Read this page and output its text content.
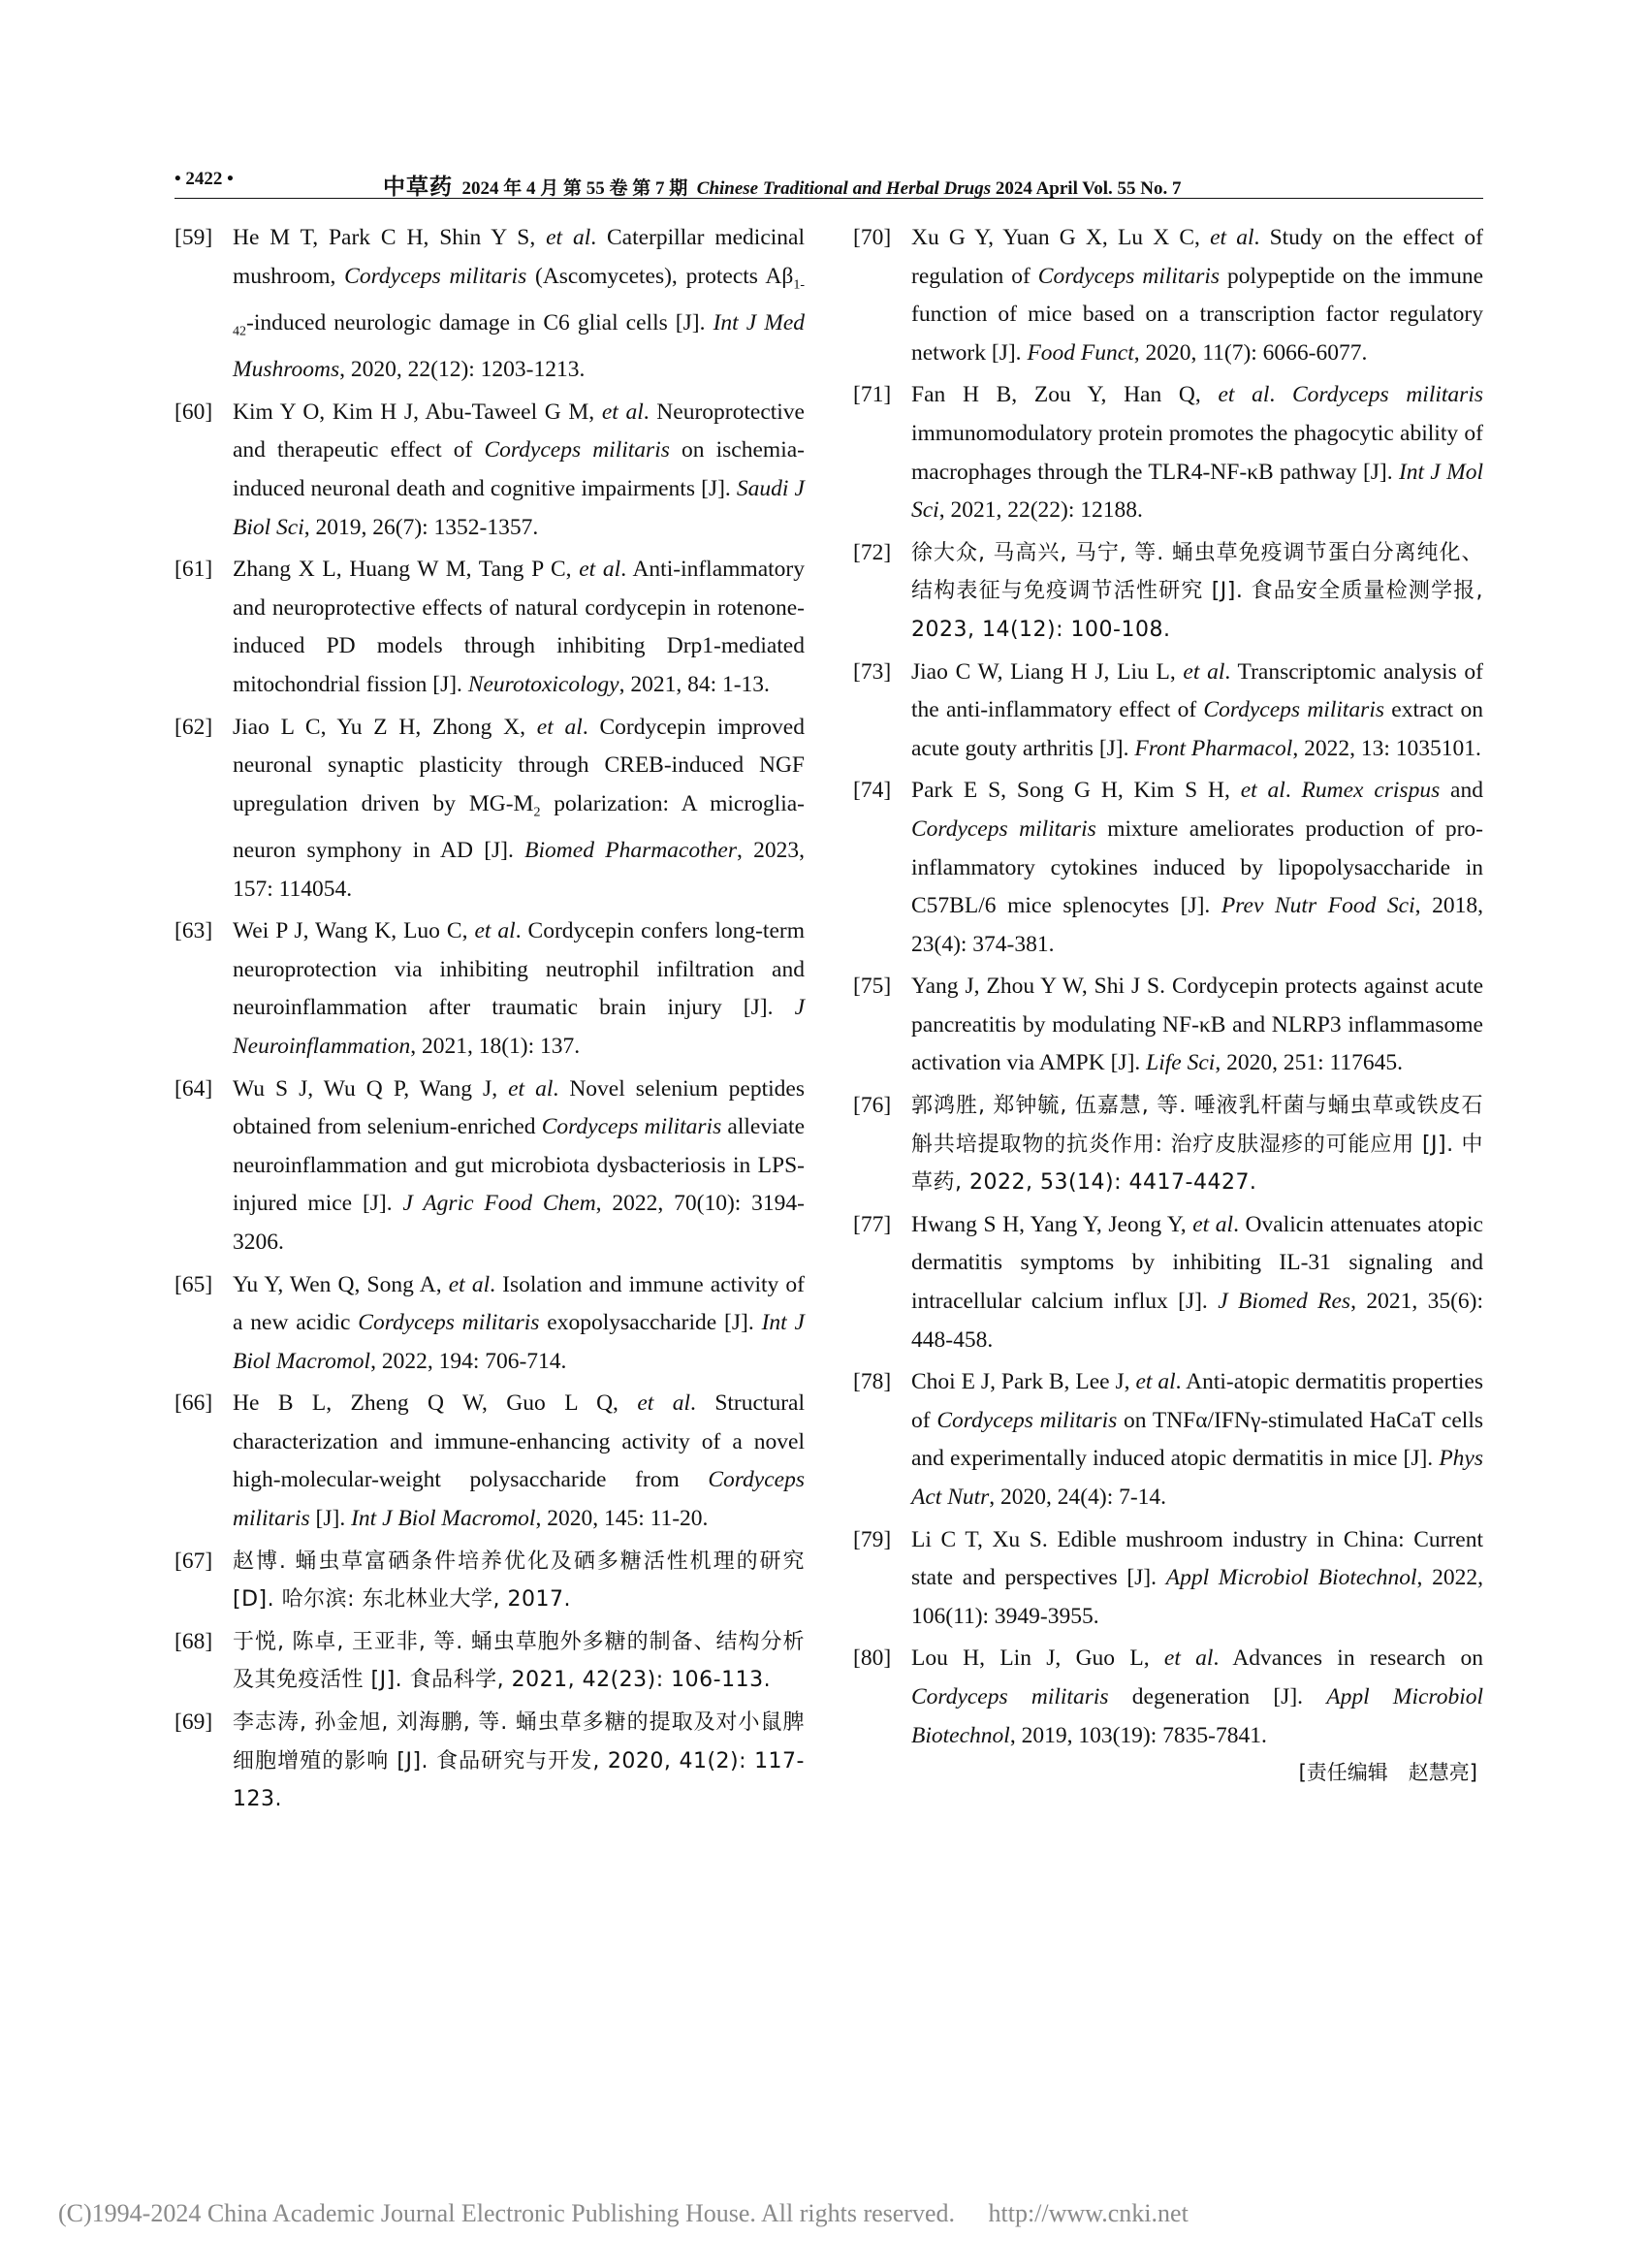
• 2422 •	中草药 2024 年 4 月 第 55 卷 第 7 期 Chinese Traditional and Herbal Drugs 2024 April Vol. 55 No. 7
[59] He M T, Park C H, Shin Y S, et al. Caterpillar medicinal mushroom, Cordyceps militaris (Ascomycetes), protects $A\beta_{1-42}$-induced neurologic damage in C6 glial cells [J]. Int J Med Mushrooms, 2020, 22(12): 1203-1213.
[60] Kim Y O, Kim H J, Abu-Taweel G M, et al. Neuroprotective and therapeutic effect of Cordyceps militaris on ischemia-induced neuronal death and cognitive impairments [J]. Saudi J Biol Sci, 2019, 26(7): 1352-1357.
[61] Zhang X L, Huang W M, Tang P C, et al. Anti-inflammatory and neuroprotective effects of natural cordycepin in rotenone-induced PD models through inhibiting Drp1-mediated mitochondrial fission [J]. Neurotoxicology, 2021, 84: 1-13.
[62] Jiao L C, Yu Z H, Zhong X, et al. Cordycepin improved neuronal synaptic plasticity through CREB-induced NGF upregulation driven by $MG-M_2$ polarization: A microglia-neuron symphony in AD [J]. Biomed Pharmacother, 2023, 157: 114054.
[63] Wei P J, Wang K, Luo C, et al. Cordycepin confers long-term neuroprotection via inhibiting neutrophil infiltration and neuroinflammation after traumatic brain injury [J]. J Neuroinflammation, 2021, 18(1): 137.
[64] Wu S J, Wu Q P, Wang J, et al. Novel selenium peptides obtained from selenium-enriched Cordyceps militaris alleviate neuroinflammation and gut microbiota dysbacteriosis in LPS-injured mice [J]. J Agric Food Chem, 2022, 70(10): 3194-3206.
[65] Yu Y, Wen Q, Song A, et al. Isolation and immune activity of a new acidic Cordyceps militaris exopolysaccharide [J]. Int J Biol Macromol, 2022, 194: 706-714.
[66] He B L, Zheng Q W, Guo L Q, et al. Structural characterization and immune-enhancing activity of a novel high-molecular-weight polysaccharide from Cordyceps militaris [J]. Int J Biol Macromol, 2020, 145: 11-20.
[67] 赵博. 蛹虫草富硒条件培养优化及硒多糖活性机理的研究 [D]. 哈尔滨: 东北林业大学, 2017.
[68] 于悦, 陈卓, 王亚非, 等. 蛹虫草胞外多糖的制备、结构分析及其免疫活性 [J]. 食品科学, 2021, 42(23): 106-113.
[69] 李志涛, 孙金旭, 刘海鹏, 等. 蛹虫草多糖的提取及对小鼠脾细胞增殖的影响 [J]. 食品研究与开发, 2020, 41(2): 117-123.
[70] Xu G Y, Yuan G X, Lu X C, et al. Study on the effect of regulation of Cordyceps militaris polypeptide on the immune function of mice based on a transcription factor regulatory network [J]. Food Funct, 2020, 11(7): 6066-6077.
[71] Fan H B, Zou Y, Han Q, et al. Cordyceps militaris immunomodulatory protein promotes the phagocytic ability of macrophages through the TLR4-NF-κB pathway [J]. Int J Mol Sci, 2021, 22(22): 12188.
[72] 徐大众, 马高兴, 马宁, 等. 蛹虫草免疫调节蛋白分离纯化、结构表征与免疫调节活性研究 [J]. 食品安全质量检测学报, 2023, 14(12): 100-108.
[73] Jiao C W, Liang H J, Liu L, et al. Transcriptomic analysis of the anti-inflammatory effect of Cordyceps militaris extract on acute gouty arthritis [J]. Front Pharmacol, 2022, 13: 1035101.
[74] Park E S, Song G H, Kim S H, et al. Rumex crispus and Cordyceps militaris mixture ameliorates production of pro-inflammatory cytokines induced by lipopolysaccharide in C57BL/6 mice splenocytes [J]. Prev Nutr Food Sci, 2018, 23(4): 374-381.
[75] Yang J, Zhou Y W, Shi J S. Cordycepin protects against acute pancreatitis by modulating NF-κB and NLRP3 inflammasome activation via AMPK [J]. Life Sci, 2020, 251: 117645.
[76] 郭鸿胜, 郑钟毓, 伍嘉慧, 等. 唾液乳杆菌与蛹虫草或铁皮石斛共培提取物的抗炎作用: 治疗皮肤湿疹的可能应用 [J]. 中草药, 2022, 53(14): 4417-4427.
[77] Hwang S H, Yang Y, Jeong Y, et al. Ovalicin attenuates atopic dermatitis symptoms by inhibiting IL-31 signaling and intracellular calcium influx [J]. J Biomed Res, 2021, 35(6): 448-458.
[78] Choi E J, Park B, Lee J, et al. Anti-atopic dermatitis properties of Cordyceps militaris on TNFα/IFNγ-stimulated HaCaT cells and experimentally induced atopic dermatitis in mice [J]. Phys Act Nutr, 2020, 24(4): 7-14.
[79] Li C T, Xu S. Edible mushroom industry in China: Current state and perspectives [J]. Appl Microbiol Biotechnol, 2022, 106(11): 3949-3955.
[80] Lou H, Lin J, Guo L, et al. Advances in research on Cordyceps militaris degeneration [J]. Appl Microbiol Biotechnol, 2019, 103(19): 7835-7841.
[责任编辑　赵慧亮]
(C)1994-2024 China Academic Journal Electronic Publishing House. All rights reserved. http://www.cnki.net
